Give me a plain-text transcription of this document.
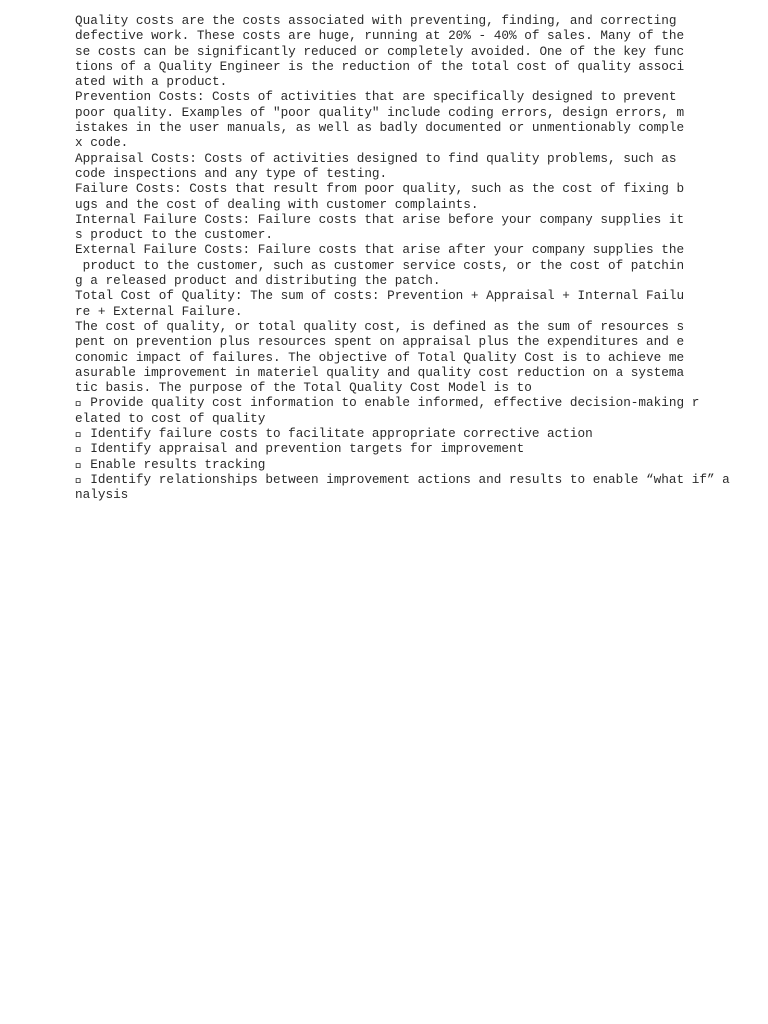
Quality costs are the costs associated with preventing, finding, and correcting
defective work. These costs are huge, running at 20% - 40% of sales. Many of the
se costs can be significantly reduced or completely avoided. One of the key func
tions of a Quality Engineer is the reduction of the total cost of quality associ
ated with a product.
Prevention Costs: Costs of activities that are specifically designed to prevent
poor quality. Examples of "poor quality" include coding errors, design errors, m
istakes in the user manuals, as well as badly documented or unmentionably comple
x code.
Appraisal Costs: Costs of activities designed to find quality problems, such as
code inspections and any type of testing.
Failure Costs: Costs that result from poor quality, such as the cost of fixing b
ugs and the cost of dealing with customer complaints.
Internal Failure Costs: Failure costs that arise before your company supplies it
s product to the customer.
External Failure Costs: Failure costs that arise after your company supplies the
product to the customer, such as customer service costs, or the cost of patchin
g a released product and distributing the patch.
Total Cost of Quality: The sum of costs: Prevention + Appraisal + Internal Failu
re + External Failure.
The cost of quality, or total quality cost, is defined as the sum of resources s
pent on prevention plus resources spent on appraisal plus the expenditures and e
conomic impact of failures. The objective of Total Quality Cost is to achieve me
asurable improvement in materiel quality and quality cost reduction on a systema
tic basis. The purpose of the Total Quality Cost Model is to
Provide quality cost information to enable informed, effective decision-making r
elated to cost of quality
Identify failure costs to facilitate appropriate corrective action
Identify appraisal and prevention targets for improvement
Enable results tracking
Identify relationships between improvement actions and results to enable “what if” a
nalysis
